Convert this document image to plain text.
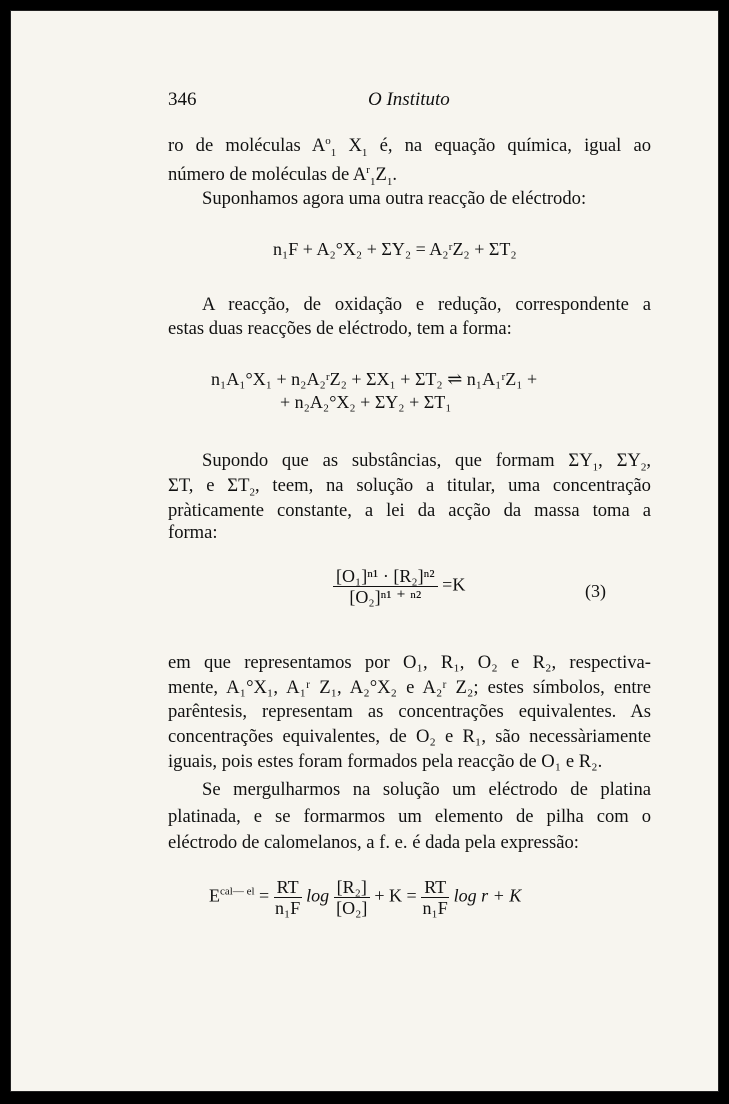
346	O Instituto
ro de moléculas $A^o_1$ $X_1$ é, na equação química, igual ao
número de moléculas de $A^r_1Z_1$.
Suponhamos agora uma outra reacção de eléctrodo:
n₁F + A₂°X₂ + ΣY₂ = A₂ʳZ₂ + ΣT₂
A reacção, de oxidação e redução, correspondente a
estas duas reacções de eléctrodo, tem a forma:
n₁A₁°X₁ + n₂A₂ʳZ₂ + ΣX₁ + ΣT₂ ⇌ n₁A₁ʳZ₁ +
+ n₂A₂°X₂ + ΣY₂ + ΣT₁
Supondo que as substâncias, que formam $\Sigma Y_1$, $\Sigma Y_2$,
ΣT, e $\Sigma T_2$, teem, na solução a titular, uma concentração
pràticamente constante, a lei da acção da massa toma a
forma:
$\frac{\text{[O₁]ⁿ¹ · [R₂]ⁿ²}}{\text{[O₂]ⁿ¹ ⁺ ⁿ²}} =K$	(3)
em que representamos por O₁, R₁, O₂ e R₂, respectiva-
mente, A₁°X₁, A₁ʳ Z₁, A₂°X₂ e A₂ʳ Z₂; estes símbolos, entre
parêntesis, representam as concentrações equivalentes. As
concentrações equivalentes, de O₂ e R₁, são necessàriamente
iguais, pois estes foram formados pela reacção de O₁ e R₂.
Se mergulharmos na solução um eléctrodo de platina
platinada, e se formarmos um elemento de pilha com o
eléctrodo de calomelanos, a f. e. é dada pela expressão:
$E^{cal— el} = \frac{RT}{\text{n₁F}}$ $\log \frac{\text{[R₂]}}{\text{[O₂]}} + K = \frac{RT}{\text{n₁F}}$ log r + K
